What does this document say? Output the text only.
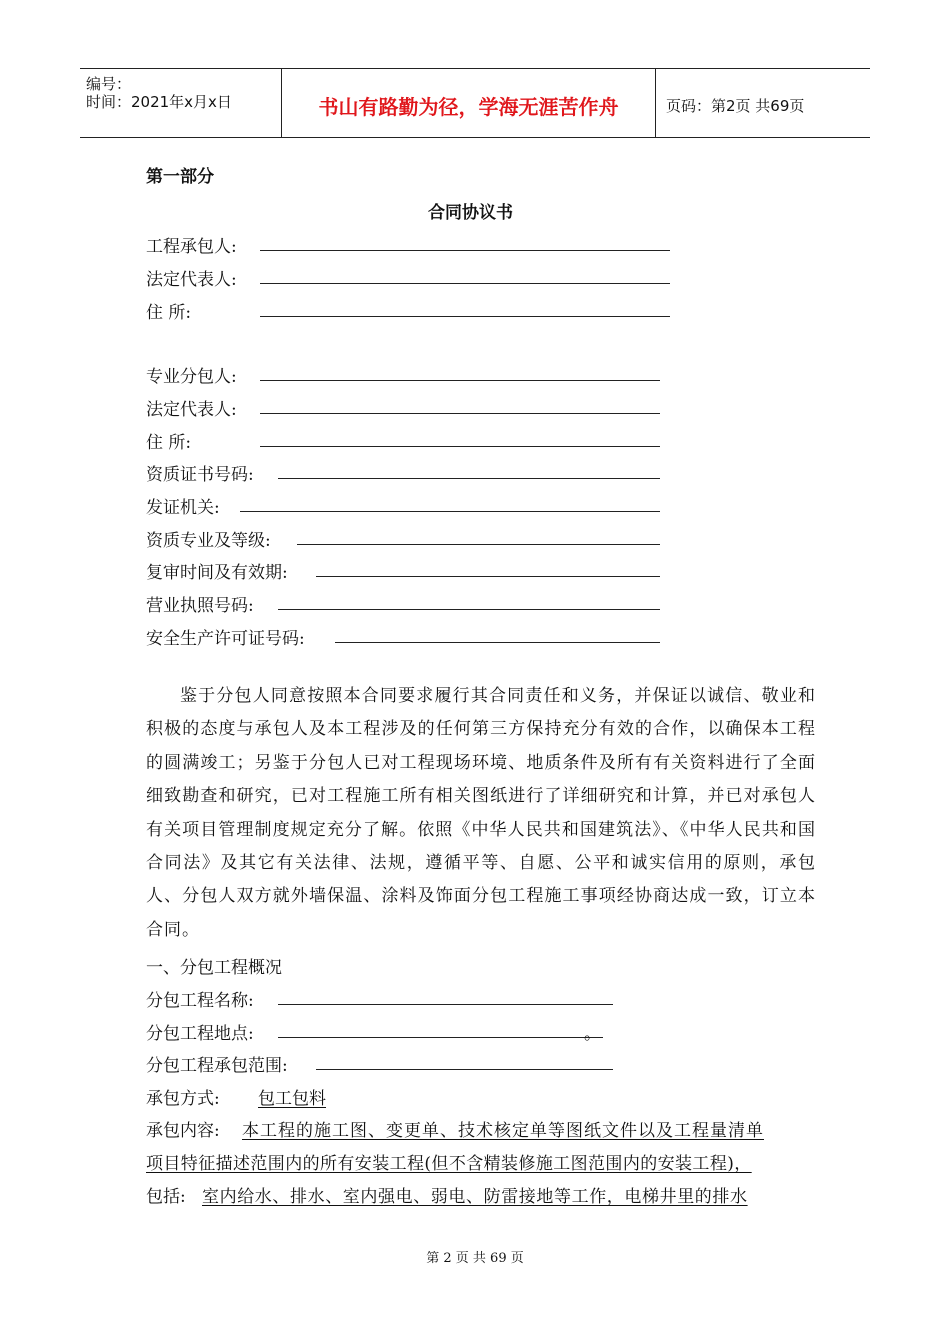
编号：
时间：2021年x月x日	书山有路勤为径，学海无涯苦作舟	页码：第2页 共69页
第一部分
合同协议书
工程承包人:
法定代表人:
住 所:
专业分包人:
法定代表人:
住 所:
资质证书号码:
发证机关:
资质专业及等级:
复审时间及有效期:
营业执照号码:
安全生产许可证号码:
鉴于分包人同意按照本合同要求履行其合同责任和义务，并保证以诚信、敬业和积极的态度与承包人及本工程涉及的任何第三方保持充分有效的合作，以确保本工程的圆满竣工；另鉴于分包人已对工程现场环境、地质条件及所有有关资料进行了全面细致勘查和研究，已对工程施工所有相关图纸进行了详细研究和计算，并已对承包人有关项目管理制度规定充分了解。依照《中华人民共和国建筑法》、《中华人民共和国合同法》及其它有关法律、法规，遵循平等、自愿、公平和诚实信用的原则，承包人、分包人双方就外墙保温、涂料及饰面分包工程施工事项经协商达成一致，订立本合同。
一、分包工程概况
分包工程名称:
分包工程地点:	。
分包工程承包范围:
承包方式:	包工包料
承包内容: 本工程的施工图、变更单、技术核定单等图纸文件以及工程量清单
项目特征描述范围内的所有安装工程(但不含精装修施工图范围内的安装工程)，
包括: 室内给水、排水、室内强电、弱电、防雷接地等工作，电梯井里的排水
第 2 页 共 69 页
